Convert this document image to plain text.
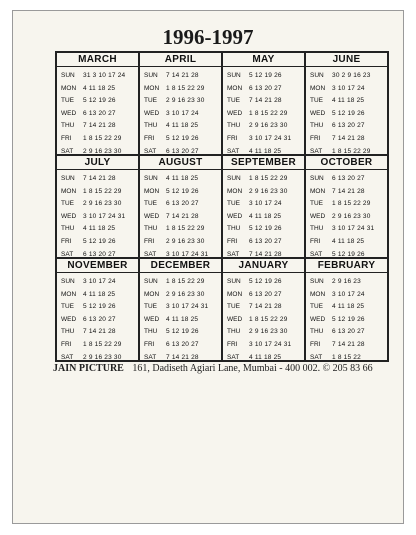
1996-1997
MARCH
SUN	31 3 10 17 24
MON	4 11 18 25
TUE	5 12 19 26
WED	6 13 20 27
THU	7 14 21 28
FRI	1 8 15 22 29
SAT	2 9 16 23 30
APRIL
SUN	7 14 21 28
MON	1 8 15 22 29
TUE	2 9 16 23 30
WED	3 10 17 24
THU	4 11 18 25
FRI	5 12 19 26
SAT	6 13 20 27
MAY
SUN	5 12 19 26
MON	6 13 20 27
TUE	7 14 21 28
WED	1 8 15 22 29
THU	2 9 16 23 30
FRI	3 10 17 24 31
SAT	4 11 18 25
JUNE
SUN	30 2 9 16 23
MON	3 10 17 24
TUE	4 11 18 25
WED	5 12 19 26
THU	6 13 20 27
FRI	7 14 21 28
SAT	1 8 15 22 29
JULY
SUN	7 14 21 28
MON	1 8 15 22 29
TUE	2 9 16 23 30
WED	3 10 17 24 31
THU	4 11 18 25
FRI	5 12 19 26
SAT	6 13 20 27
AUGUST
SUN	4 11 18 25
MON	5 12 19 26
TUE	6 13 20 27
WED	7 14 21 28
THU	1 8 15 22 29
FRI	2 9 16 23 30
SAT	3 10 17 24 31
SEPTEMBER
SUN	1 8 15 22 29
MON	2 9 16 23 30
TUE	3 10 17 24
WED	4 11 18 25
THU	5 12 19 26
FRI	6 13 20 27
SAT	7 14 21 28
OCTOBER
SUN	6 13 20 27
MON	7 14 21 28
TUE	1 8 15 22 29
WED	2 9 16 23 30
THU	3 10 17 24 31
FRI	4 11 18 25
SAT	5 12 19 26
NOVEMBER
SUN	3 10 17 24
MON	4 11 18 25
TUE	5 12 19 26
WED	6 13 20 27
THU	7 14 21 28
FRI	1 8 15 22 29
SAT	2 9 16 23 30
DECEMBER
SUN	1 8 15 22 29
MON	2 9 16 23 30
TUE	3 10 17 24 31
WED	4 11 18 25
THU	5 12 19 26
FRI	6 13 20 27
SAT	7 14 21 28
JANUARY
SUN	5 12 19 26
MON	6 13 20 27
TUE	7 14 21 28
WED	1 8 15 22 29
THU	2 9 16 23 30
FRI	3 10 17 24 31
SAT	4 11 18 25
FEBRUARY
SUN	2 9 16 23
MON	3 10 17 24
TUE	4 11 18 25
WED	5 12 19 26
THU	6 13 20 27
FRI	7 14 21 28
SAT	1 8 15 22
JAIN PICTURE 161, Dadiseth Agiari Lane, Mumbai - 400 002. © 205 83 66
